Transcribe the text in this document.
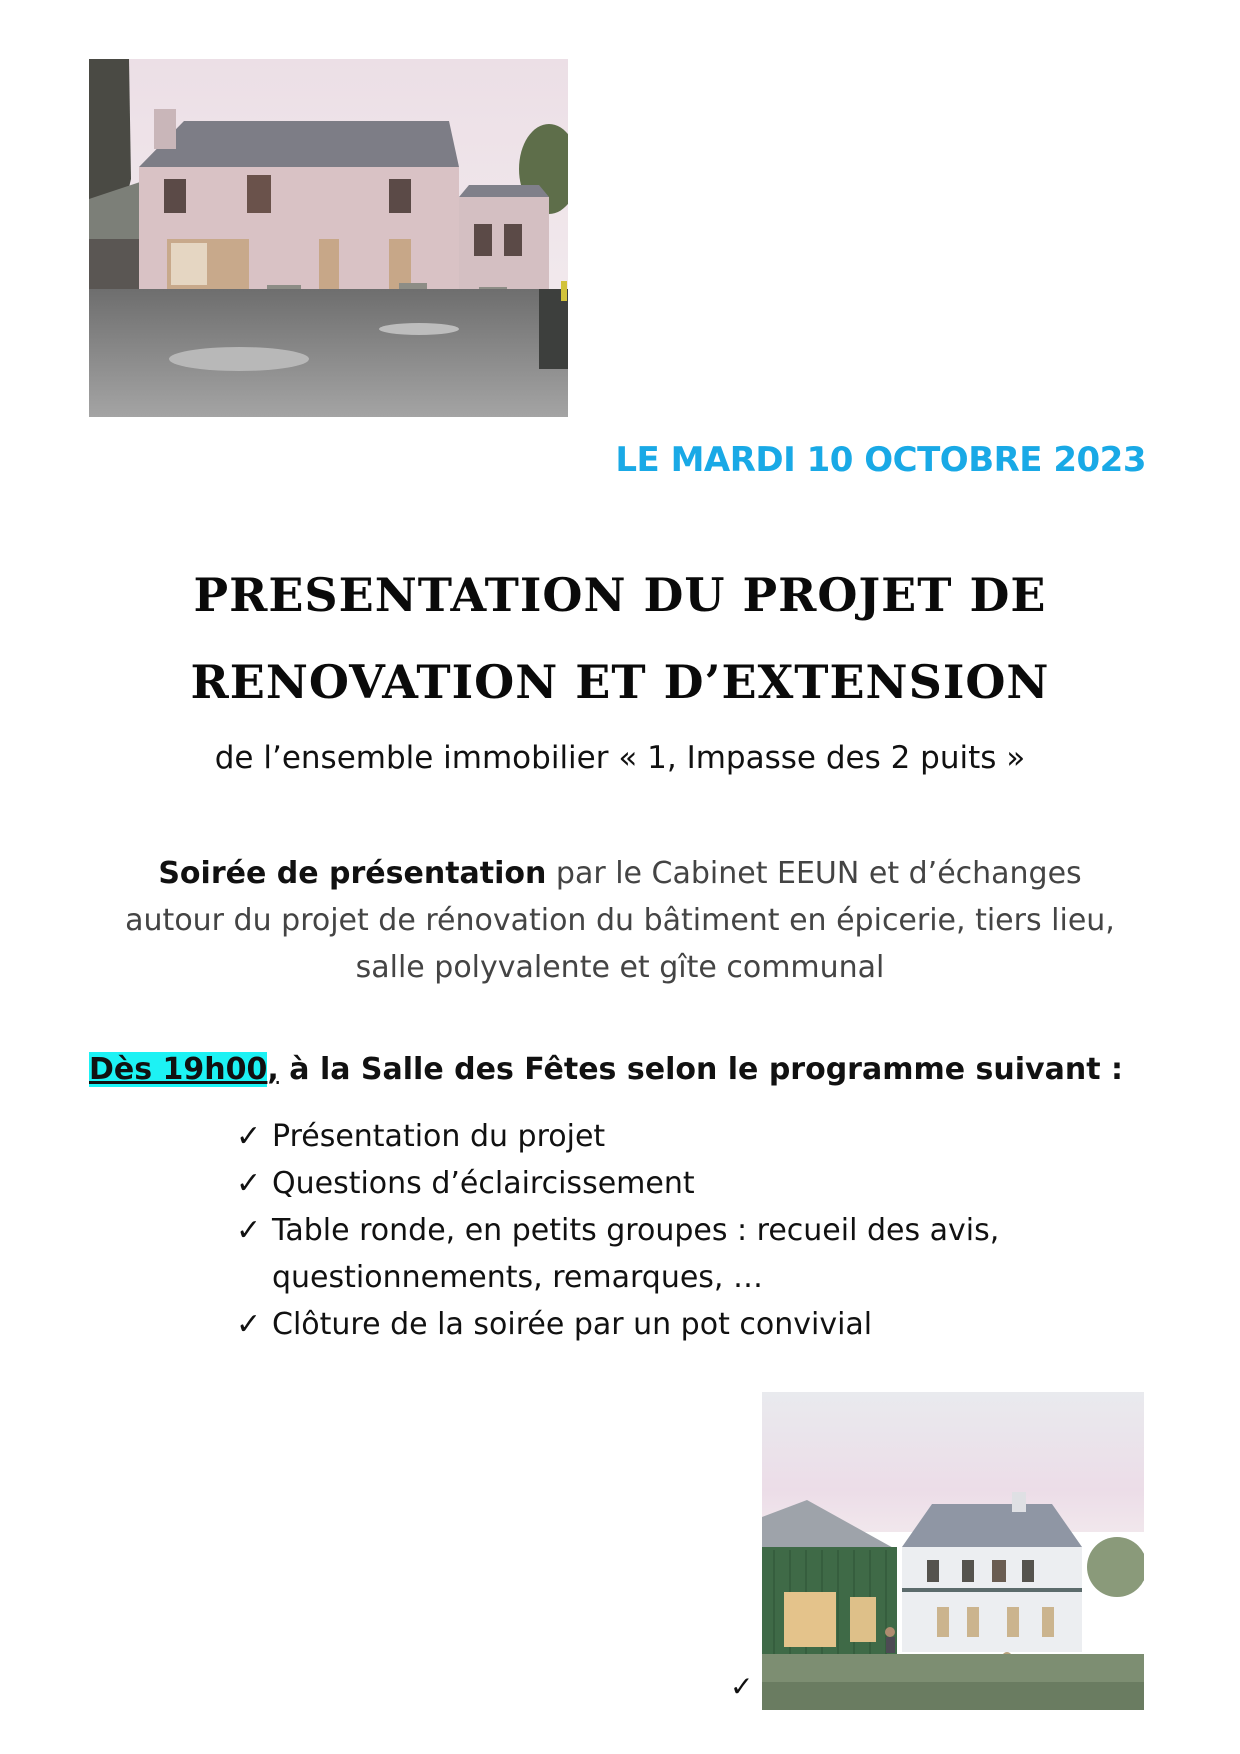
LE MARDI 10 OCTOBRE 2023
PRESENTATION DU PROJET DE
RENOVATION ET D’EXTENSION
de l’ensemble immobilier « 1, Impasse des 2 puits »
Soirée de présentation par le Cabinet EEUN et d’échanges
autour du projet de rénovation du bâtiment en épicerie, tiers lieu,
salle polyvalente et gîte communal
Dès 19h00, à la Salle des Fêtes selon le programme suivant :
✓ Présentation du projet
✓ Questions d’éclaircissement
✓ Table ronde, en petits groupes : recueil des avis, questionnements, remarques, …
✓ Clôture de la soirée par un pot convivial
✓
